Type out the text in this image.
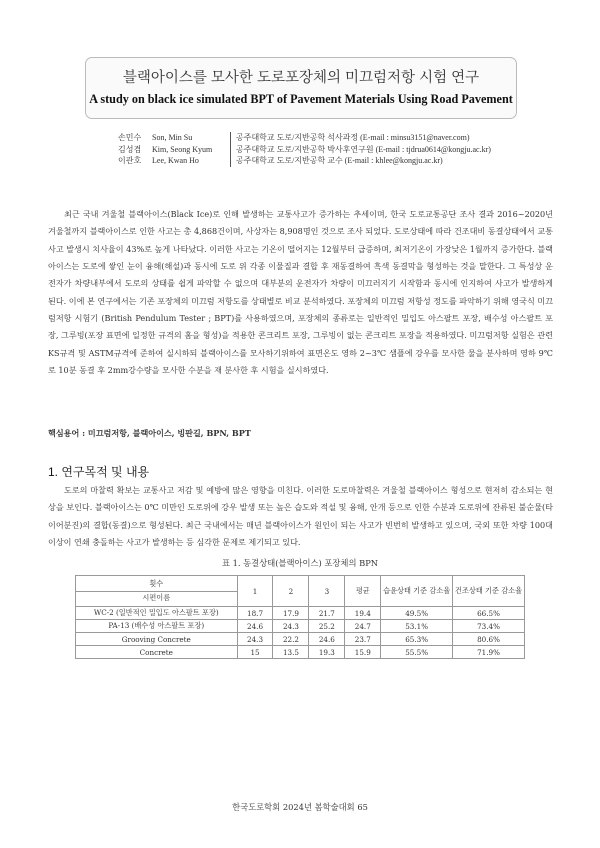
블랙아이스를 모사한 도로포장체의 미끄럼저항 시험 연구
A study on black ice simulated BPT of Pavement Materials Using Road Pavement
손민수	Son, Min Su	공주대학교 도로/지반공학 석사과정 (E-mail : minsu3151@naver.com)
김성겸	Kim, Seong Kyum	공주대학교 도로/지반공학 박사후연구원 (E-mail : tjdrua0614@kongju.ac.kr)
이관호	Lee, Kwan Ho	공주대학교 도로/지반공학 교수 (E-mail : khlee@kongju.ac.kr)

최근 국내 겨울철 블랙아이스(Black Ice)로 인해 발생하는 교통사고가 증가하는 추세이며, 한국 도로교통공단 조사 결과 2016~2020년 겨울철까지 블랙아이스로 인한 사고는 총 4,868건이며, 사상자는 8,908명인 것으로 조사 되었다. 도로상태에 따라 건조대비 동결상태에서 교통사고 발생시 치사율이 43%로 높게 나타났다. 이러한 사고는 기온이 떨어지는 12월부터 급증하며, 최저기온이 가장낮은 1월까지 증가한다. 블랙아이스는 도로에 쌓인 눈이 융해(해설)과 동시에 도로 위 각종 이물질과 결합 후 재동결하여 흑색 동결막을 형성하는 것을 말한다. 그 특성상 운전자가 차량내부에서 도로의 상태를 쉽게 파악할 수 없으며 대부분의 운전자가 차량이 미끄러지기 시작함과 동시에 인지하여 사고가 발생하게 된다. 이에 본 연구에서는 기존 포장체의 미끄럼 저항도를 상태별로 비교 분석하였다. 포장체의 미끄럼 저항성 정도를 파악하기 위해 영국식 미끄럼저항 시험기 (British Pendulum Tester ; BPT)를 사용하였으며, 포장체의 종류로는 일반적인 밀입도 아스팔트 포장, 배수성 아스팔트 포장, 그루빙(포장 표면에 일정한 규격의 홈을 형성)을 적용한 콘크리트 포장, 그루빙이 없는 콘크리트 포장을 적용하였다. 미끄럼저항 실험은 관련 KS규격 및 ASTM규격에 준하여 실시하되 블랙아이스를 모사하기위하여 표면온도 영하 2~3℃ 샘플에 강우를 모사한 물을 분사하며 영하 9℃로 10분 동결 후 2mm강수량을 모사한 수분을 재 분사한 후 시험을 실시하였다.

핵심용어 : 미끄럼저항, 블랙아이스, 빙판길, BPN, BPT
1. 연구목적 및 내용

도로의 마찰력 확보는 교통사고 저감 및 예방에 많은 영향을 미친다. 이러한 도로마찰력은 겨울철 블랙아이스 형성으로 현저히 감소되는 현상을 보인다. 블랙아이스는 0℃ 미만인 도로위에 강우 발생 또는 높은 습도와 적설 및 융해, 안개 등으로 인한 수분과 도로위에 잔류된 불순물(타이어분진)의 결합(동결)으로 형성된다. 최근 국내에서는 매년 블랙아이스가 원인이 되는 사고가 빈번히 발생하고 있으며, 국외 또한 차량 100대 이상이 연쇄 충돌하는 사고가 발생하는 등 심각한 문제로 제기되고 있다.

표 1. 동결상태(블랙아이스) 포장체의 BPN
횟수
시편이름	1	2	3	평균	습윤상태 기준 감소율	건조상태 기준 감소율
WC-2 (일반적인 밀입도 아스팔트 포장)	18.7	17.9	21.7	19.4	49.5%	66.5%
PA-13 (배수성 아스팔트 포장)	24.6	24.3	25.2	24.7	53.1%	73.4%
Grooving Concrete	24.3	22.2	24.6	23.7	65.3%	80.6%
Concrete	15	13.5	19.3	15.9	55.5%	71.9%
한국도로학회 2024년 봄학술대회 65
